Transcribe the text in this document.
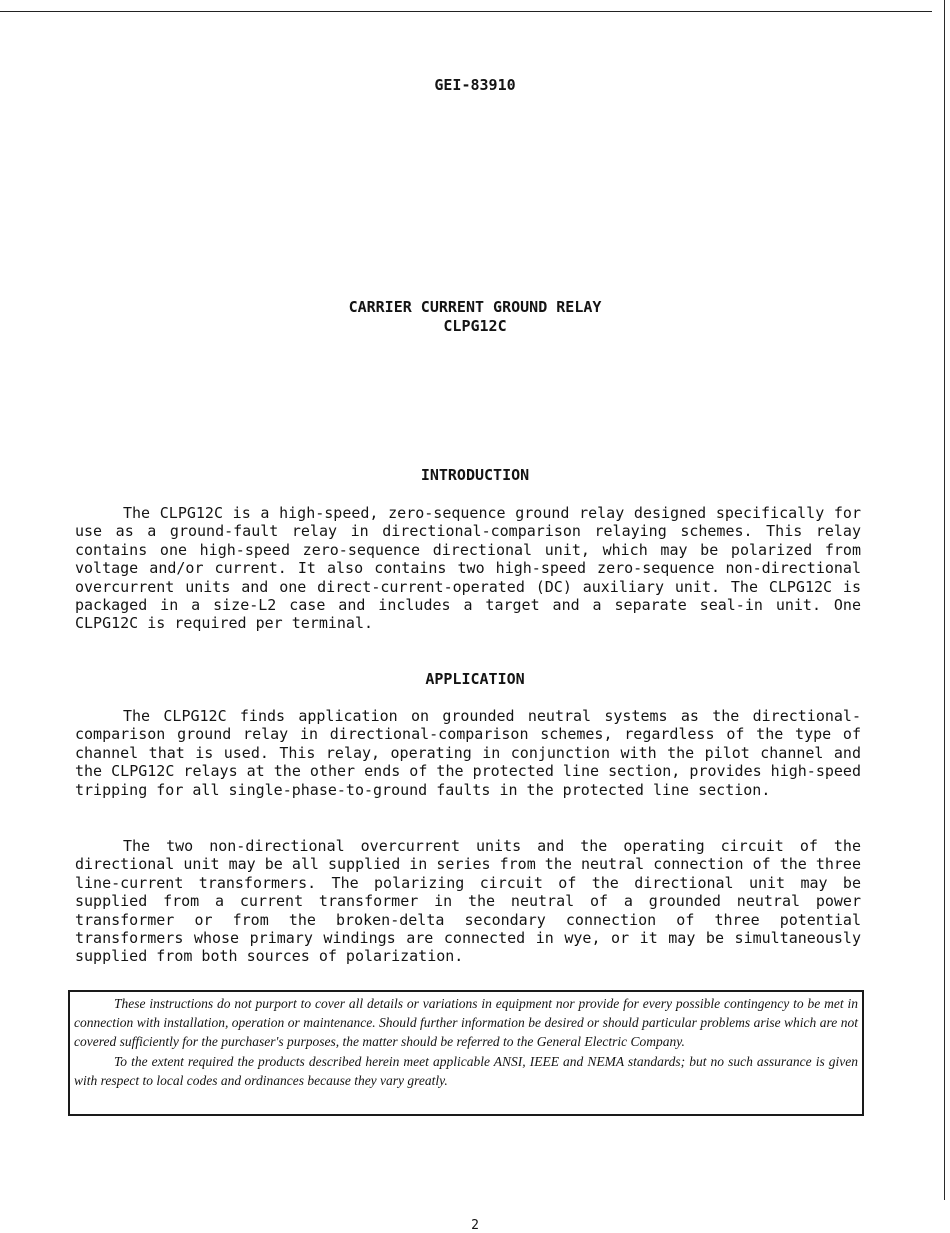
GEI-83910
CARRIER CURRENT GROUND RELAY
CLPG12C
INTRODUCTION

The CLPG12C is a high-speed, zero-sequence ground relay designed specifically for use as a ground-fault relay in directional-comparison relaying schemes. This relay contains one high-speed zero-sequence directional unit, which may be polarized from voltage and/or current. It also contains two high-speed zero-sequence non-directional overcurrent units and one direct-current-operated (DC) auxiliary unit. The CLPG12C is packaged in a size-L2 case and includes a target and a separate seal-in unit. One CLPG12C is required per terminal.

APPLICATION

The CLPG12C finds application on grounded neutral systems as the directional-comparison ground relay in directional-comparison schemes, regardless of the type of channel that is used. This relay, operating in conjunction with the pilot channel and the CLPG12C relays at the other ends of the protected line section, provides high-speed tripping for all single-phase-to-ground faults in the protected line section.

The two non-directional overcurrent units and the operating circuit of the directional unit may be all supplied in series from the neutral connection of the three line-current transformers. The polarizing circuit of the directional unit may be supplied from a current transformer in the neutral of a grounded neutral power transformer or from the broken-delta secondary connection of three potential transformers whose primary windings are connected in wye, or it may be simultaneously supplied from both sources of polarization.

These instructions do not purport to cover all details or variations in equipment nor provide for every possible contingency to be met in connection with installation, operation or maintenance. Should further information be desired or should particular problems arise which are not covered sufficiently for the purchaser's purposes, the matter should be referred to the General Electric Company.

To the extent required the products described herein meet applicable ANSI, IEEE and NEMA standards; but no such assurance is given with respect to local codes and ordinances because they vary greatly.

2
